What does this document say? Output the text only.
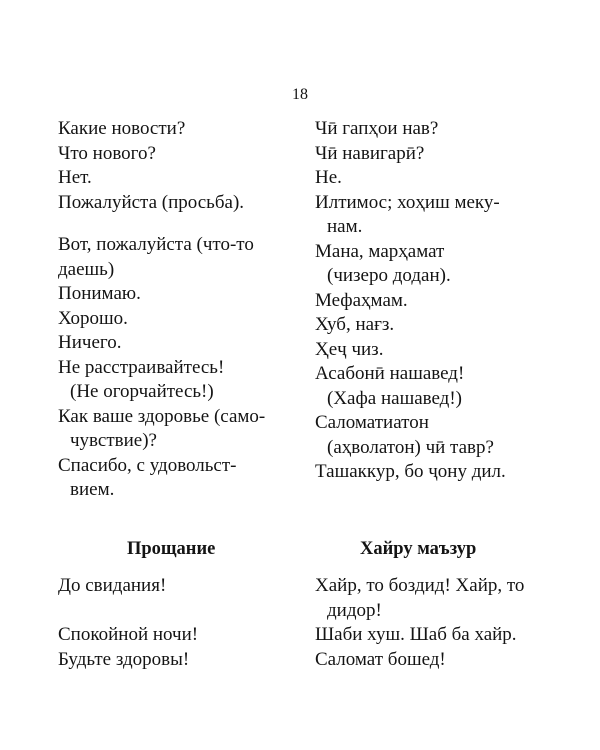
18
Какие новости?
Что нового?
Нет.
Пожалуйста (просьба).
Вот, пожалуйста (что-то
даешь)
Понимаю.
Хорошо.
Ничего.
Не расстраивайтесь!
(Не огорчайтесь!)
Как ваше здоровье (само-
чувствие)?
Спасибо, с удовольст-
вием.
Чӣ гапҳои нав?
Чӣ навигарӣ?
Не.
Илтимос; хоҳиш меку-
нам.
Мана, марҳамат
(чизеро додан).
Мефаҳмам.
Хуб, нағз.
Ҳеҷ чиз.
Асабонӣ нашавед!
(Хафа нашавед!)
Саломатиатон
(аҳволатон) чӣ тавр?
Ташаккур, бо ҷону дил.
Прощание	Хайру маъзур
До свидания!
Спокойной ночи!
Будьте здоровы!
Хайр, то боздид! Хайр, то
дидор!
Шаби хуш. Шаб ба хайр.
Саломат бошед!
